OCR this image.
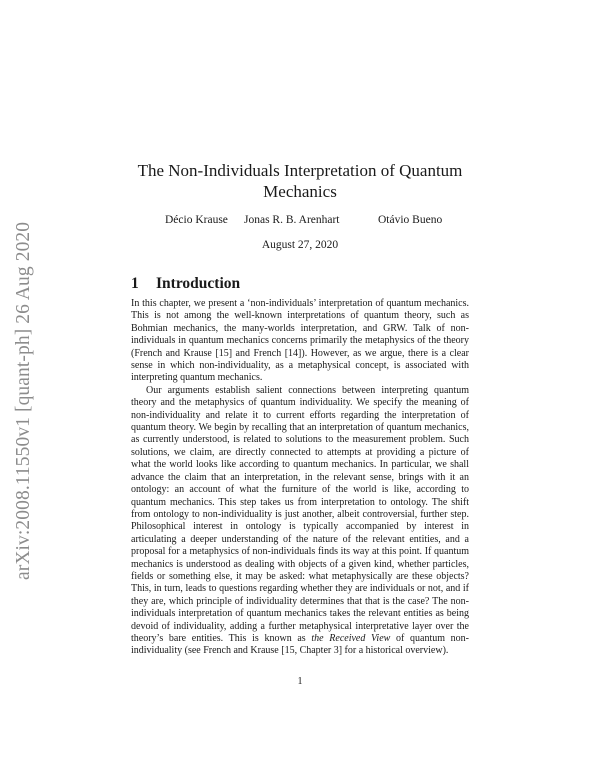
arXiv:2008.11550v1 [quant-ph] 26 Aug 2020
The Non-Individuals Interpretation of Quantum Mechanics
Décio Krause Jonas R. B. Arenhart	Otávio Bueno
August 27, 2020
1 Introduction

In this chapter, we present a ‘non-individuals’ interpretation of quantum mechanics. This is not among the well-known interpretations of quantum theory, such as Bohmian mechanics, the many-worlds interpretation, and GRW. Talk of non-individuals in quantum mechanics concerns primarily the metaphysics of the theory (French and Krause [15] and French [14]). However, as we argue, there is a clear sense in which non-individuality, as a metaphysical concept, is associated with interpreting quantum mechanics.

Our arguments establish salient connections between interpreting quantum theory and the metaphysics of quantum individuality. We specify the meaning of non-individuality and relate it to current efforts regarding the interpretation of quantum theory. We begin by recalling that an interpretation of quantum mechanics, as currently understood, is related to solutions to the measurement problem. Such solutions, we claim, are directly connected to attempts at providing a picture of what the world looks like according to quantum mechanics. In particular, we shall advance the claim that an interpretation, in the relevant sense, brings with it an ontology: an account of what the furniture of the world is like, according to quantum mechanics. This step takes us from interpretation to ontology. The shift from ontology to non-individuality is just another, albeit controversial, further step. Philosophical interest in ontology is typically accompanied by interest in articulating a deeper understanding of the nature of the relevant entities, and a proposal for a metaphysics of non-individuals finds its way at this point. If quantum mechanics is understood as dealing with objects of a given kind, whether particles, fields or something else, it may be asked: what metaphysically are these objects? This, in turn, leads to questions regarding whether they are individuals or not, and if they are, which principle of individuality determines that that is the case? The non-individuals interpretation of quantum mechanics takes the relevant entities as being devoid of individuality, adding a further metaphysical interpretative layer over the theory’s bare entities. This is known as the Received View of quantum non-individuality (see French and Krause [15, Chapter 3] for a historical overview).

1
